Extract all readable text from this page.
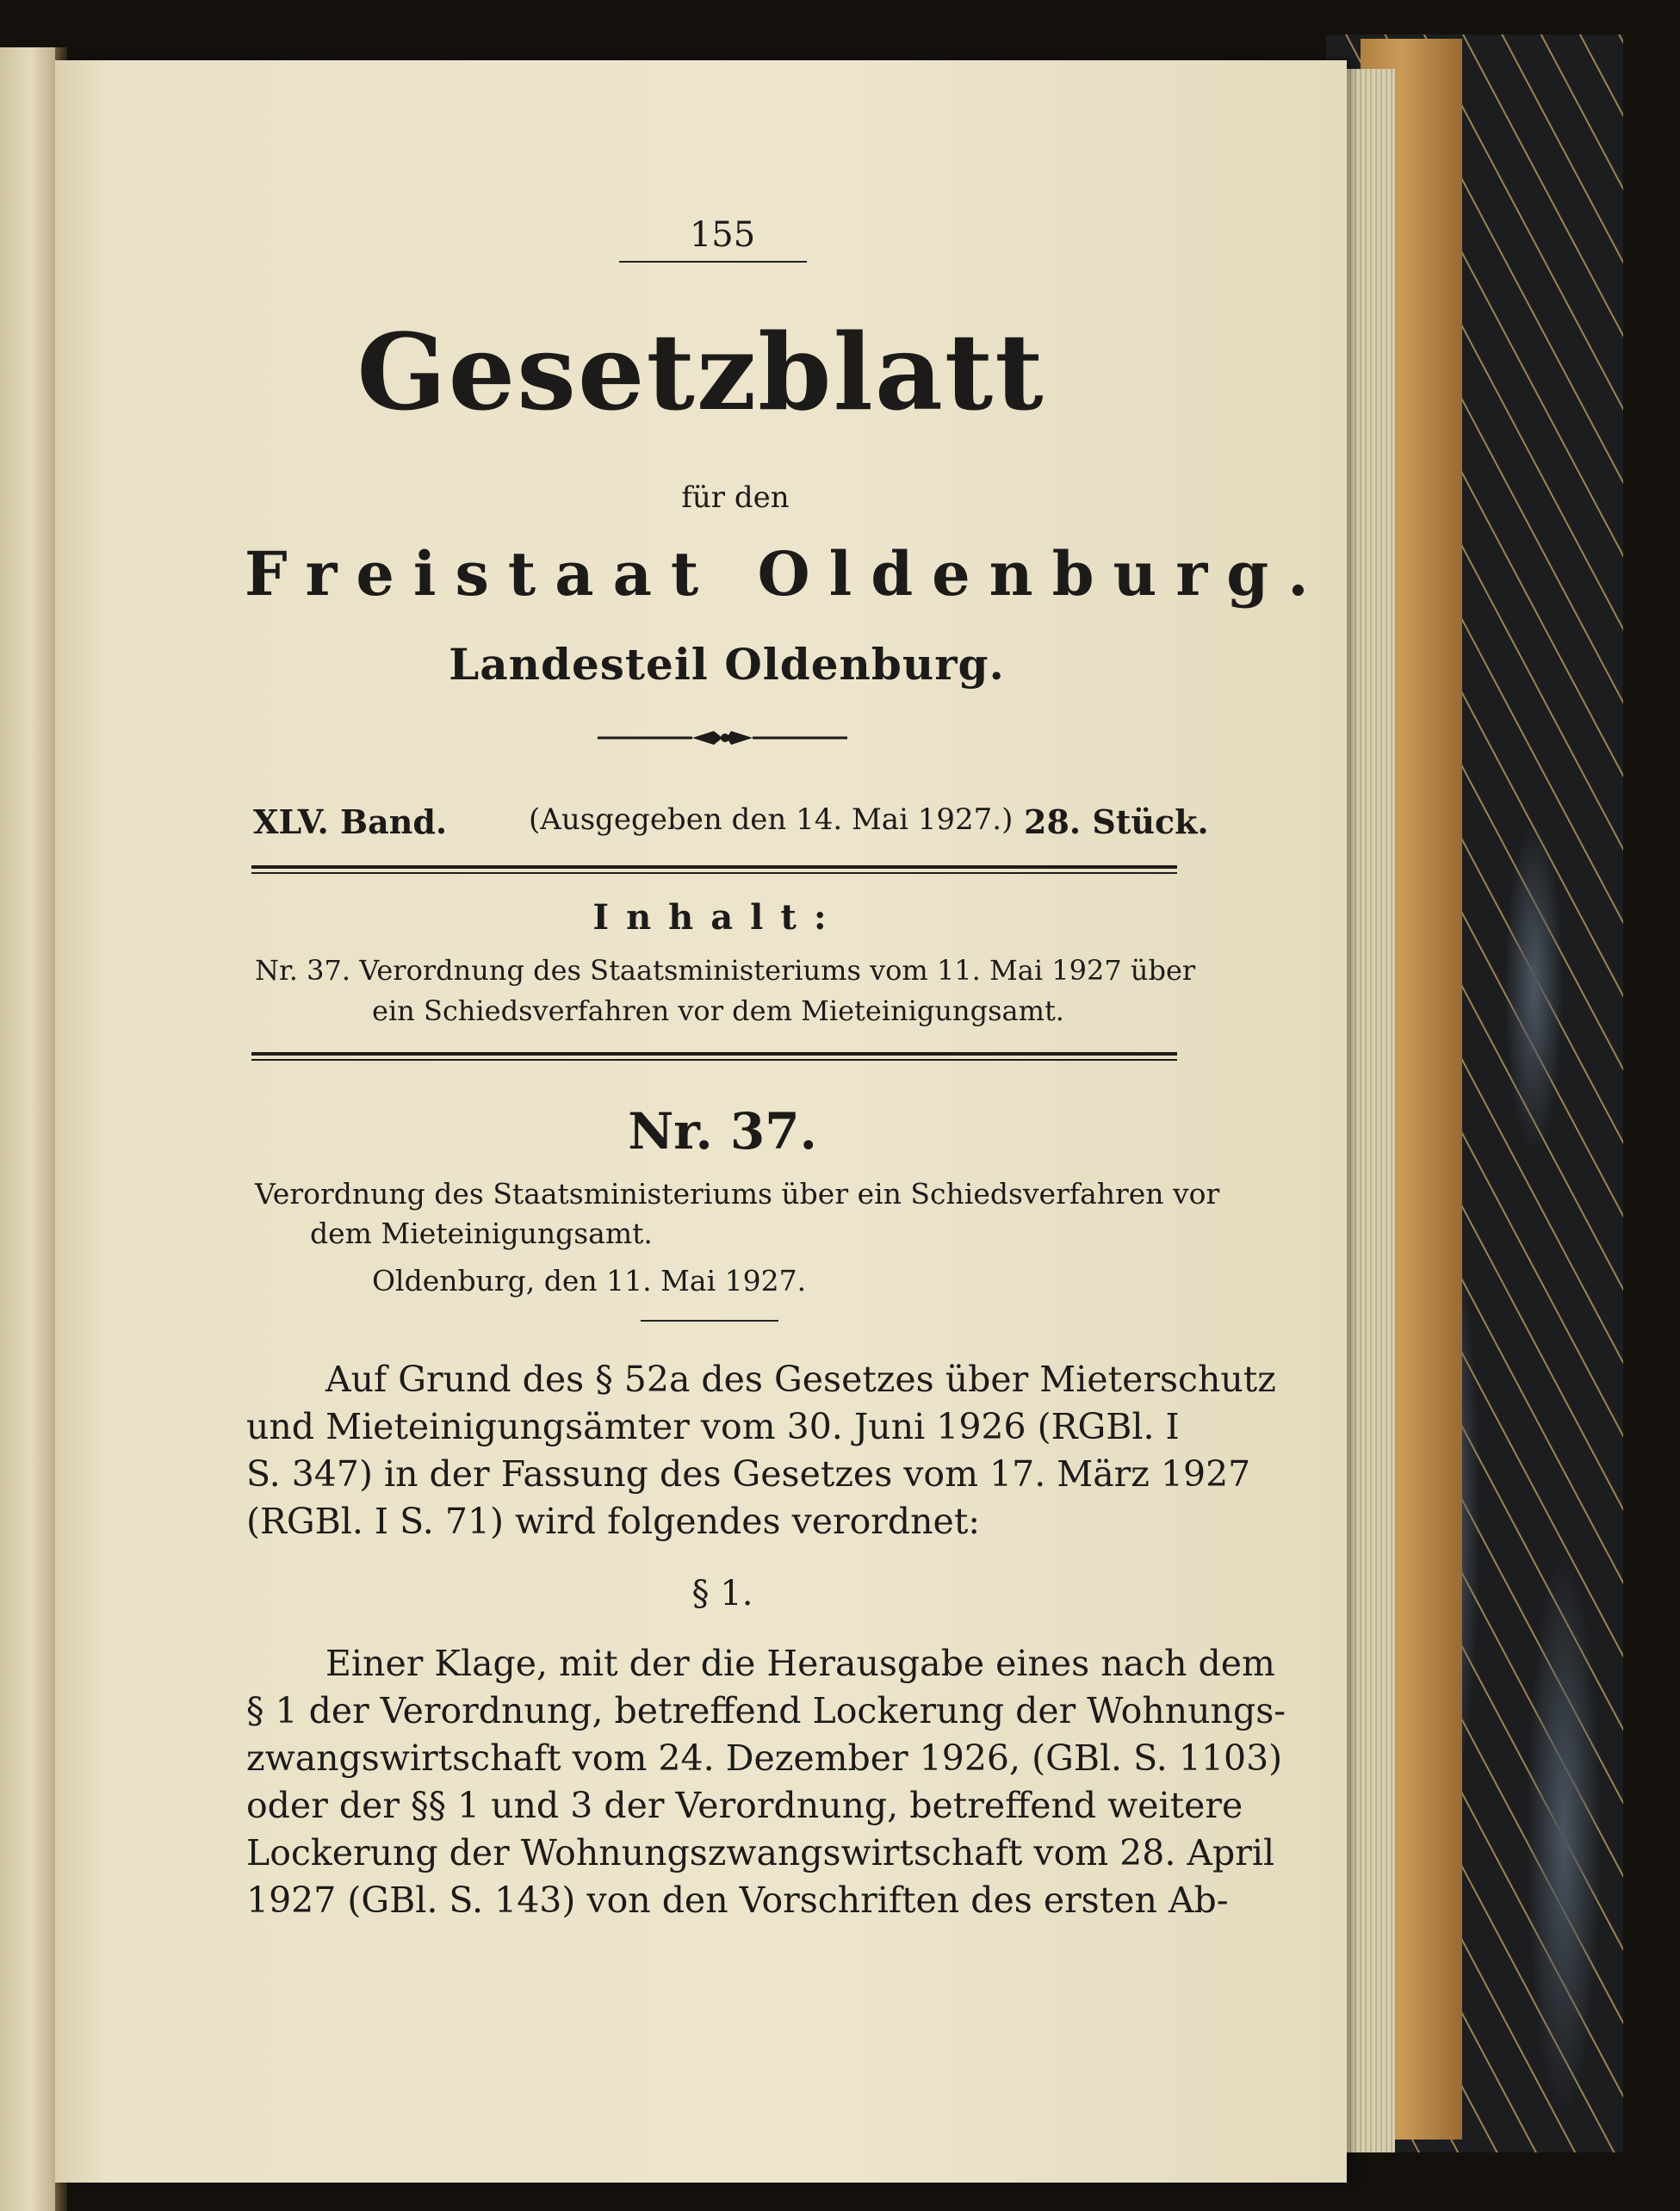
155
Gesetzblatt
für den
Freistaat Oldenburg.
Landesteil Oldenburg.
XLV. Band.	(Ausgegeben den 14. Mai 1927.) 28. Stück.
Inhalt:
Nr. 37. Verordnung des Staatsministeriums vom 11. Mai 1927 über
ein Schiedsverfahren vor dem Mieteinigungsamt.
Nr. 37.
Verordnung des Staatsministeriums über ein Schiedsverfahren vor
dem Mieteinigungsamt.
Oldenburg, den 11. Mai 1927.
Auf Grund des § 52a des Gesetzes über Mieterschutz
und Mieteinigungsämter vom 30. Juni 1926 (RGBl. I
S. 347) in der Fassung des Gesetzes vom 17. März 1927
(RGBl. I S. 71) wird folgendes verordnet:
§ 1.
Einer Klage, mit der die Herausgabe eines nach dem
§ 1 der Verordnung, betreffend Lockerung der Wohnungs-
zwangswirtschaft vom 24. Dezember 1926, (GBl. S. 1103)
oder der §§ 1 und 3 der Verordnung, betreffend weitere
Lockerung der Wohnungszwangswirtschaft vom 28. April
1927 (GBl. S. 143) von den Vorschriften des ersten Ab-
